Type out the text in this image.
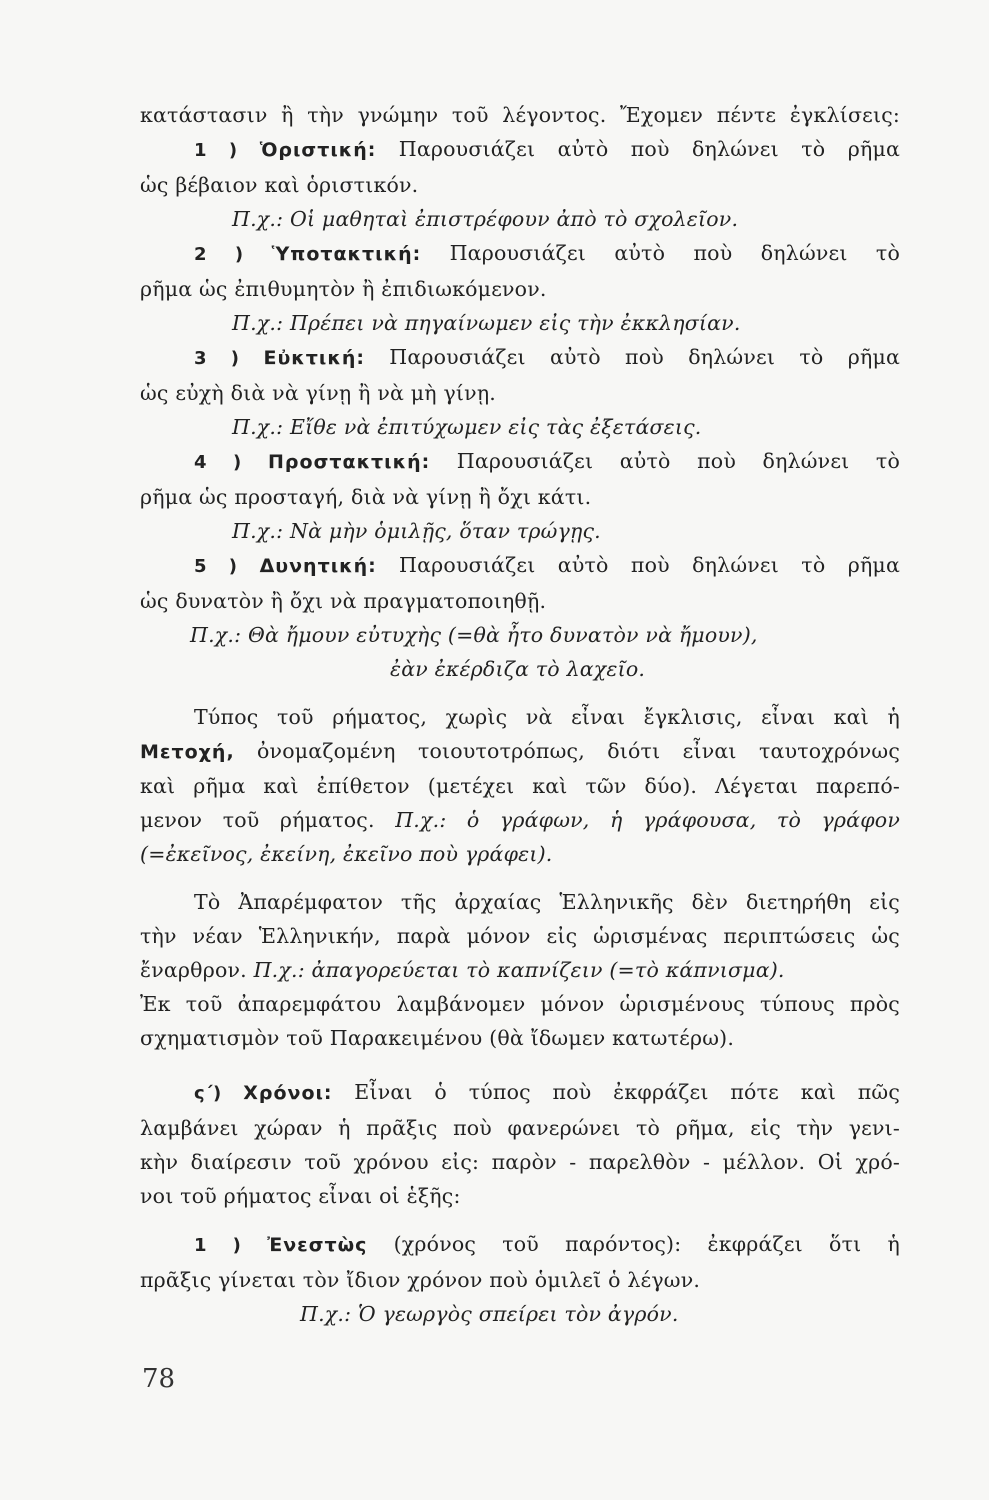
κατάστασιν ἢ τὴν γνώμην τοῦ λέγοντος. Ἔχομεν πέντε ἐγκλίσεις:
1 ) Ὁριστική: Παρουσιάζει αὐτὸ ποὺ δηλώνει τὸ ρῆμα
ὡς βέβαιον καὶ ὁριστικόν.
Π.χ.: Οἱ μαθηταὶ ἐπιστρέφουν ἀπὸ τὸ σχολεῖον.
2 ) Ὑποτακτική: Παρουσιάζει αὐτὸ ποὺ δηλώνει τὸ
ρῆμα ὡς ἐπιθυμητὸν ἢ ἐπιδιωκόμενον.
Π.χ.: Πρέπει νὰ πηγαίνωμεν εἰς τὴν ἐκκλησίαν.
3 ) Εὐκτική: Παρουσιάζει αὐτὸ ποὺ δηλώνει τὸ ρῆμα
ὡς εὐχὴ διὰ νὰ γίνῃ ἢ νὰ μὴ γίνῃ.
Π.χ.: Εἴθε νὰ ἐπιτύχωμεν εἰς τὰς ἐξετάσεις.
4 ) Προστακτική: Παρουσιάζει αὐτὸ ποὺ δηλώνει τὸ
ρῆμα ὡς προσταγή, διὰ νὰ γίνῃ ἢ ὄχι κάτι.
Π.χ.: Νὰ μὴν ὁμιλῇς, ὅταν τρώγῃς.
5 ) Δυνητική: Παρουσιάζει αὐτὸ ποὺ δηλώνει τὸ ρῆμα
ὡς δυνατὸν ἢ ὄχι νὰ πραγματοποιηθῇ.
Π.χ.: Θὰ ἤμουν εὐτυχὴς (=θὰ ἦτο δυνατὸν νὰ ἤμουν),
ἐὰν ἐκέρδιζα τὸ λαχεῖο.
Τύπος τοῦ ρήματος, χωρὶς νὰ εἶναι ἔγκλισις, εἶναι καὶ ἡ
Μετοχή, ὀνομαζομένη τοιουτοτρόπως, διότι εἶναι ταυτοχρόνως
καὶ ρῆμα καὶ ἐπίθετον (μετέχει καὶ τῶν δύο). Λέγεται παρεπό-
μενον τοῦ ρήματος. Π.χ.: ὁ γράφων, ἡ γράφουσα, τὸ γράφον
(=ἐκεῖνος, ἐκείνη, ἐκεῖνο ποὺ γράφει).
Τὸ Ἀπαρέμφατον τῆς ἀρχαίας Ἑλληνικῆς δὲν διετηρήθη εἰς
τὴν νέαν Ἑλληνικήν, παρὰ μόνον εἰς ὡρισμένας περιπτώσεις ὡς
ἔναρθρον. Π.χ.: ἀπαγορεύεται τὸ καπνίζειν (=τὸ κάπνισμα).
Ἐκ τοῦ ἀπαρεμφάτου λαμβάνομεν μόνον ὡρισμένους τύπους πρὸς
σχηματισμὸν τοῦ Παρακειμένου (θὰ ἴδωμεν κατωτέρω).
ς΄) Χρόνοι: Εἶναι ὁ τύπος ποὺ ἐκφράζει πότε καὶ πῶς
λαμβάνει χώραν ἡ πρᾶξις ποὺ φανερώνει τὸ ρῆμα, εἰς τὴν γενι-
κὴν διαίρεσιν τοῦ χρόνου εἰς: παρὸν - παρελθὸν - μέλλον. Οἱ χρό-
νοι τοῦ ρήματος εἶναι οἱ ἑξῆς:
1 ) Ἐνεστὼς (χρόνος τοῦ παρόντος): ἐκφράζει ὅτι ἡ
πρᾶξις γίνεται τὸν ἴδιον χρόνον ποὺ ὁμιλεῖ ὁ λέγων.
Π.χ.: Ὁ γεωργὸς σπείρει τὸν ἀγρόν.
78
